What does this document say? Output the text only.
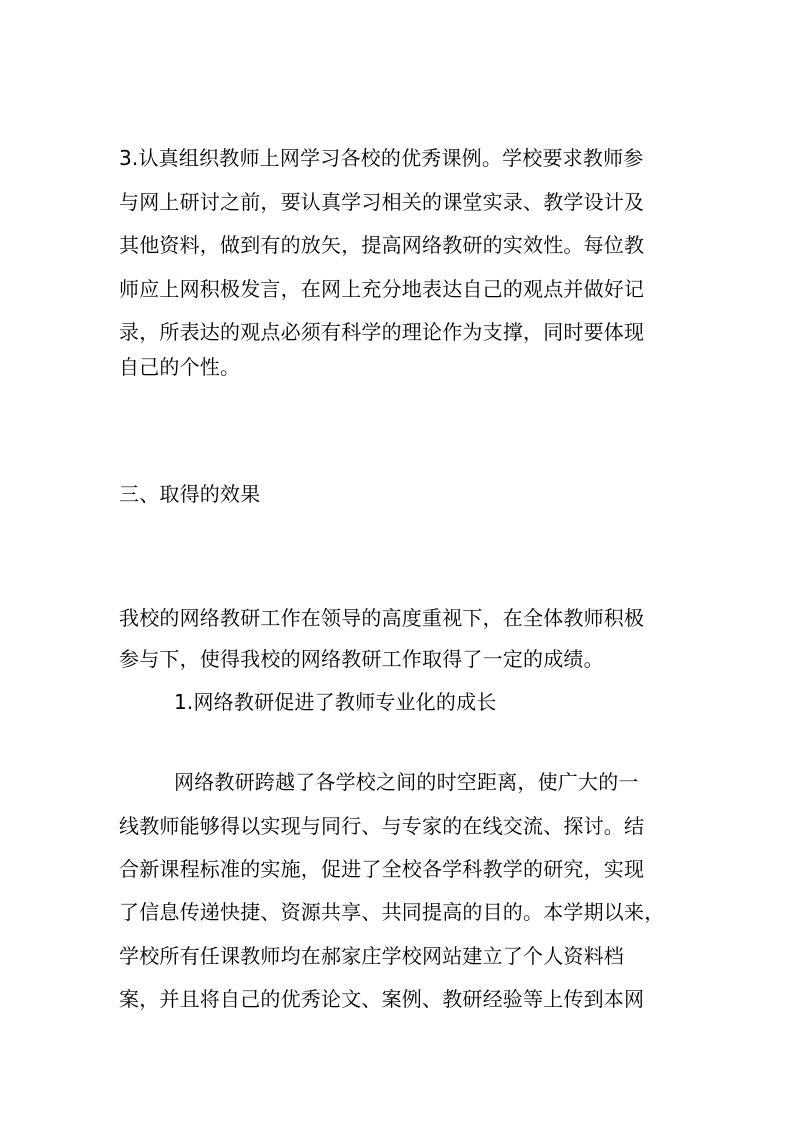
3.认真组织教师上网学习各校的优秀课例。学校要求教师参
与网上研讨之前，要认真学习相关的课堂实录、教学设计及
其他资料，做到有的放矢，提高网络教研的实效性。每位教
师应上网积极发言，在网上充分地表达自己的观点并做好记
录，所表达的观点必须有科学的理论作为支撑，同时要体现
自己的个性。
三、取得的效果
我校的网络教研工作在领导的高度重视下，在全体教师积极
参与下，使得我校的网络教研工作取得了一定的成绩。
1.网络教研促进了教师专业化的成长
网络教研跨越了各学校之间的时空距离，使广大的一
线教师能够得以实现与同行、与专家的在线交流、探讨。结
合新课程标准的实施，促进了全校各学科教学的研究，实现
了信息传递快捷、资源共享、共同提高的目的。本学期以来，
学校所有任课教师均在郝家庄学校网站建立了个人资料档
案，并且将自己的优秀论文、案例、教研经验等上传到本网
